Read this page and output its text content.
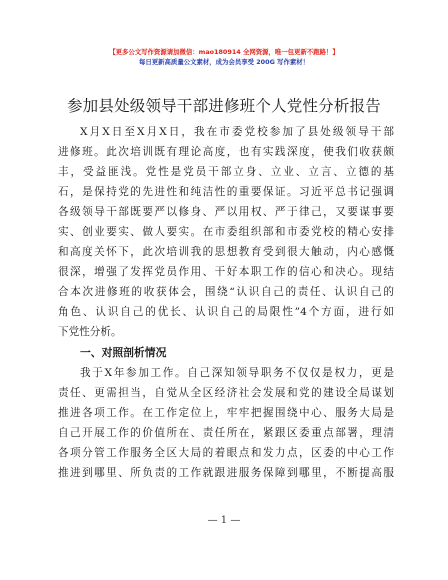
【更多公文写作资源请加微信：mao180914 全网资源，唯一包更新不跑路！】
每日更新高质量公文素材，成为会员享受 200G 写作素材！
参加县处级领导干部进修班个人党性分析报告
X月X日至X月X日，我在市委党校参加了县处级领导干部
进修班。此次培训既有理论高度，也有实践深度，使我们收获颇
丰，受益匪浅。党性是党员干部立身、立业、立言、立德的基
石，是保持党的先进性和纯洁性的重要保证。习近平总书记强调
各级领导干部既要严以修身、严以用权、严于律己，又要谋事要
实、创业要实、做人要实。在市委组织部和市委党校的精心安排
和高度关怀下，此次培训我的思想教育受到很大触动，内心感慨
很深，增强了发挥党员作用、干好本职工作的信心和决心。现结
合本次进修班的收获体会，围绕“认识自己的责任、认识自己的
角色、认识自己的优长、认识自己的局限性”4个方面，进行如
下党性分析。
一、对照剖析情况
我于X年参加工作。自己深知领导职务不仅仅是权力，更是
责任、更需担当，自觉从全区经济社会发展和党的建设全局谋划
推进各项工作。在工作定位上，牢牢把握围绕中心、服务大局是
自己开展工作的价值所在、责任所在，紧跟区委重点部署，理清
各项分管工作服务全区大局的着眼点和发力点，区委的中心工作
推进到哪里、所负责的工作就跟进服务保障到哪里，不断提高服
— 1 —
